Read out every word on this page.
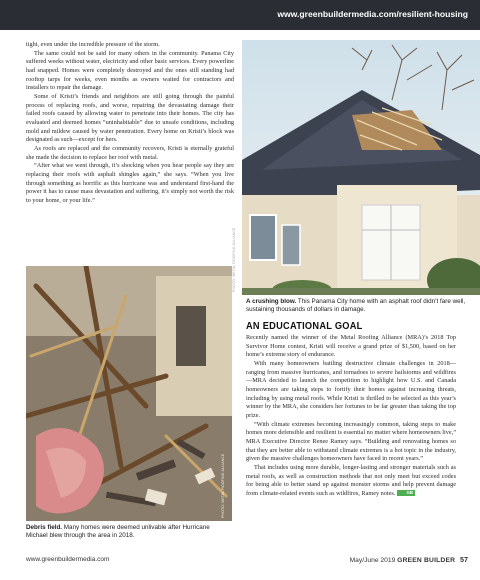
www.greenbuildermedia.com/resilient-housing

tight, even under the incredible pressure of the storm.

The same could not be said for many others in the community. Panama City suffered weeks without water, electricity and other basic services. Every powerline had snapped. Homes were completely destroyed and the ones still standing had rooftop tarps for weeks, even months as owners waited for contractors and installers to repair the damage.

Some of Kristi’s friends and neighbors are still going through the painful process of replacing roofs, and worse, repairing the devastating damage their failed roofs caused by allowing water to penetrate into their homes. The city has evaluated and deemed homes “uninhabitable” due to unsafe conditions, including mold and mildew caused by water penetration. Every home on Kristi’s block was designated as such—except for hers.

As roofs are replaced and the community recovers, Kristi is eternally grateful she made the decision to replace her roof with metal.

“After what we went through, it’s shocking when you hear people say they are replacing their roofs with asphalt shingles again,” she says. “When you live through something as horrific as this hurricane was and understand first-hand the power it has to cause mass devastation and suffering, it’s simply not worth the risk to your home, or your life.”

PHOTO: METAL ROOFING ALLIANCE
A crushing blow. This Panama City home with an asphalt roof didn’t fare well, sustaining thousands of dollars in damage.
PHOTO: METAL ROOFING ALLIANCE
Debris field. Many homes were deemed unlivable after Hurricane Michael blew through the area in 2018.
AN EDUCATIONAL GOAL

Recently named the winner of the Metal Roofing Alliance (MRA)’s 2018 Top Survivor Home contest, Kristi will receive a grand prize of $1,500, based on her home’s extreme story of endurance.

With many homeowners battling destructive climate challenges in 2018—ranging from massive hurricanes, and tornadoes to severe hailstorms and wildfires—MRA decided to launch the competition to highlight how U.S. and Canada homeowners are taking steps to fortify their homes against increasing threats, including by using metal roofs. While Kristi is thrilled to be selected as this year’s winner by the MRA, she considers her fortunes to be far greater than taking the top prize.

“With climate extremes becoming increasingly common, taking steps to make homes more defensible and resilient is essential no matter where homeowners live,” MRA Executive Director Renee Ramey says. “Building and renovating homes so that they are better able to withstand climate extremes is a hot topic in the industry, given the massive challenges homeowners have faced in recent years.”

That includes using more durable, longer-lasting and stronger materials such as metal roofs, as well as construction methods that not only meet but exceed codes for being able to better stand up against monster storms and help prevent damage from climate-related events such as wildfires, Ramey notes.	GB

www.greenbuildermedia.com	May/June 2019 GREEN BUILDER 57
